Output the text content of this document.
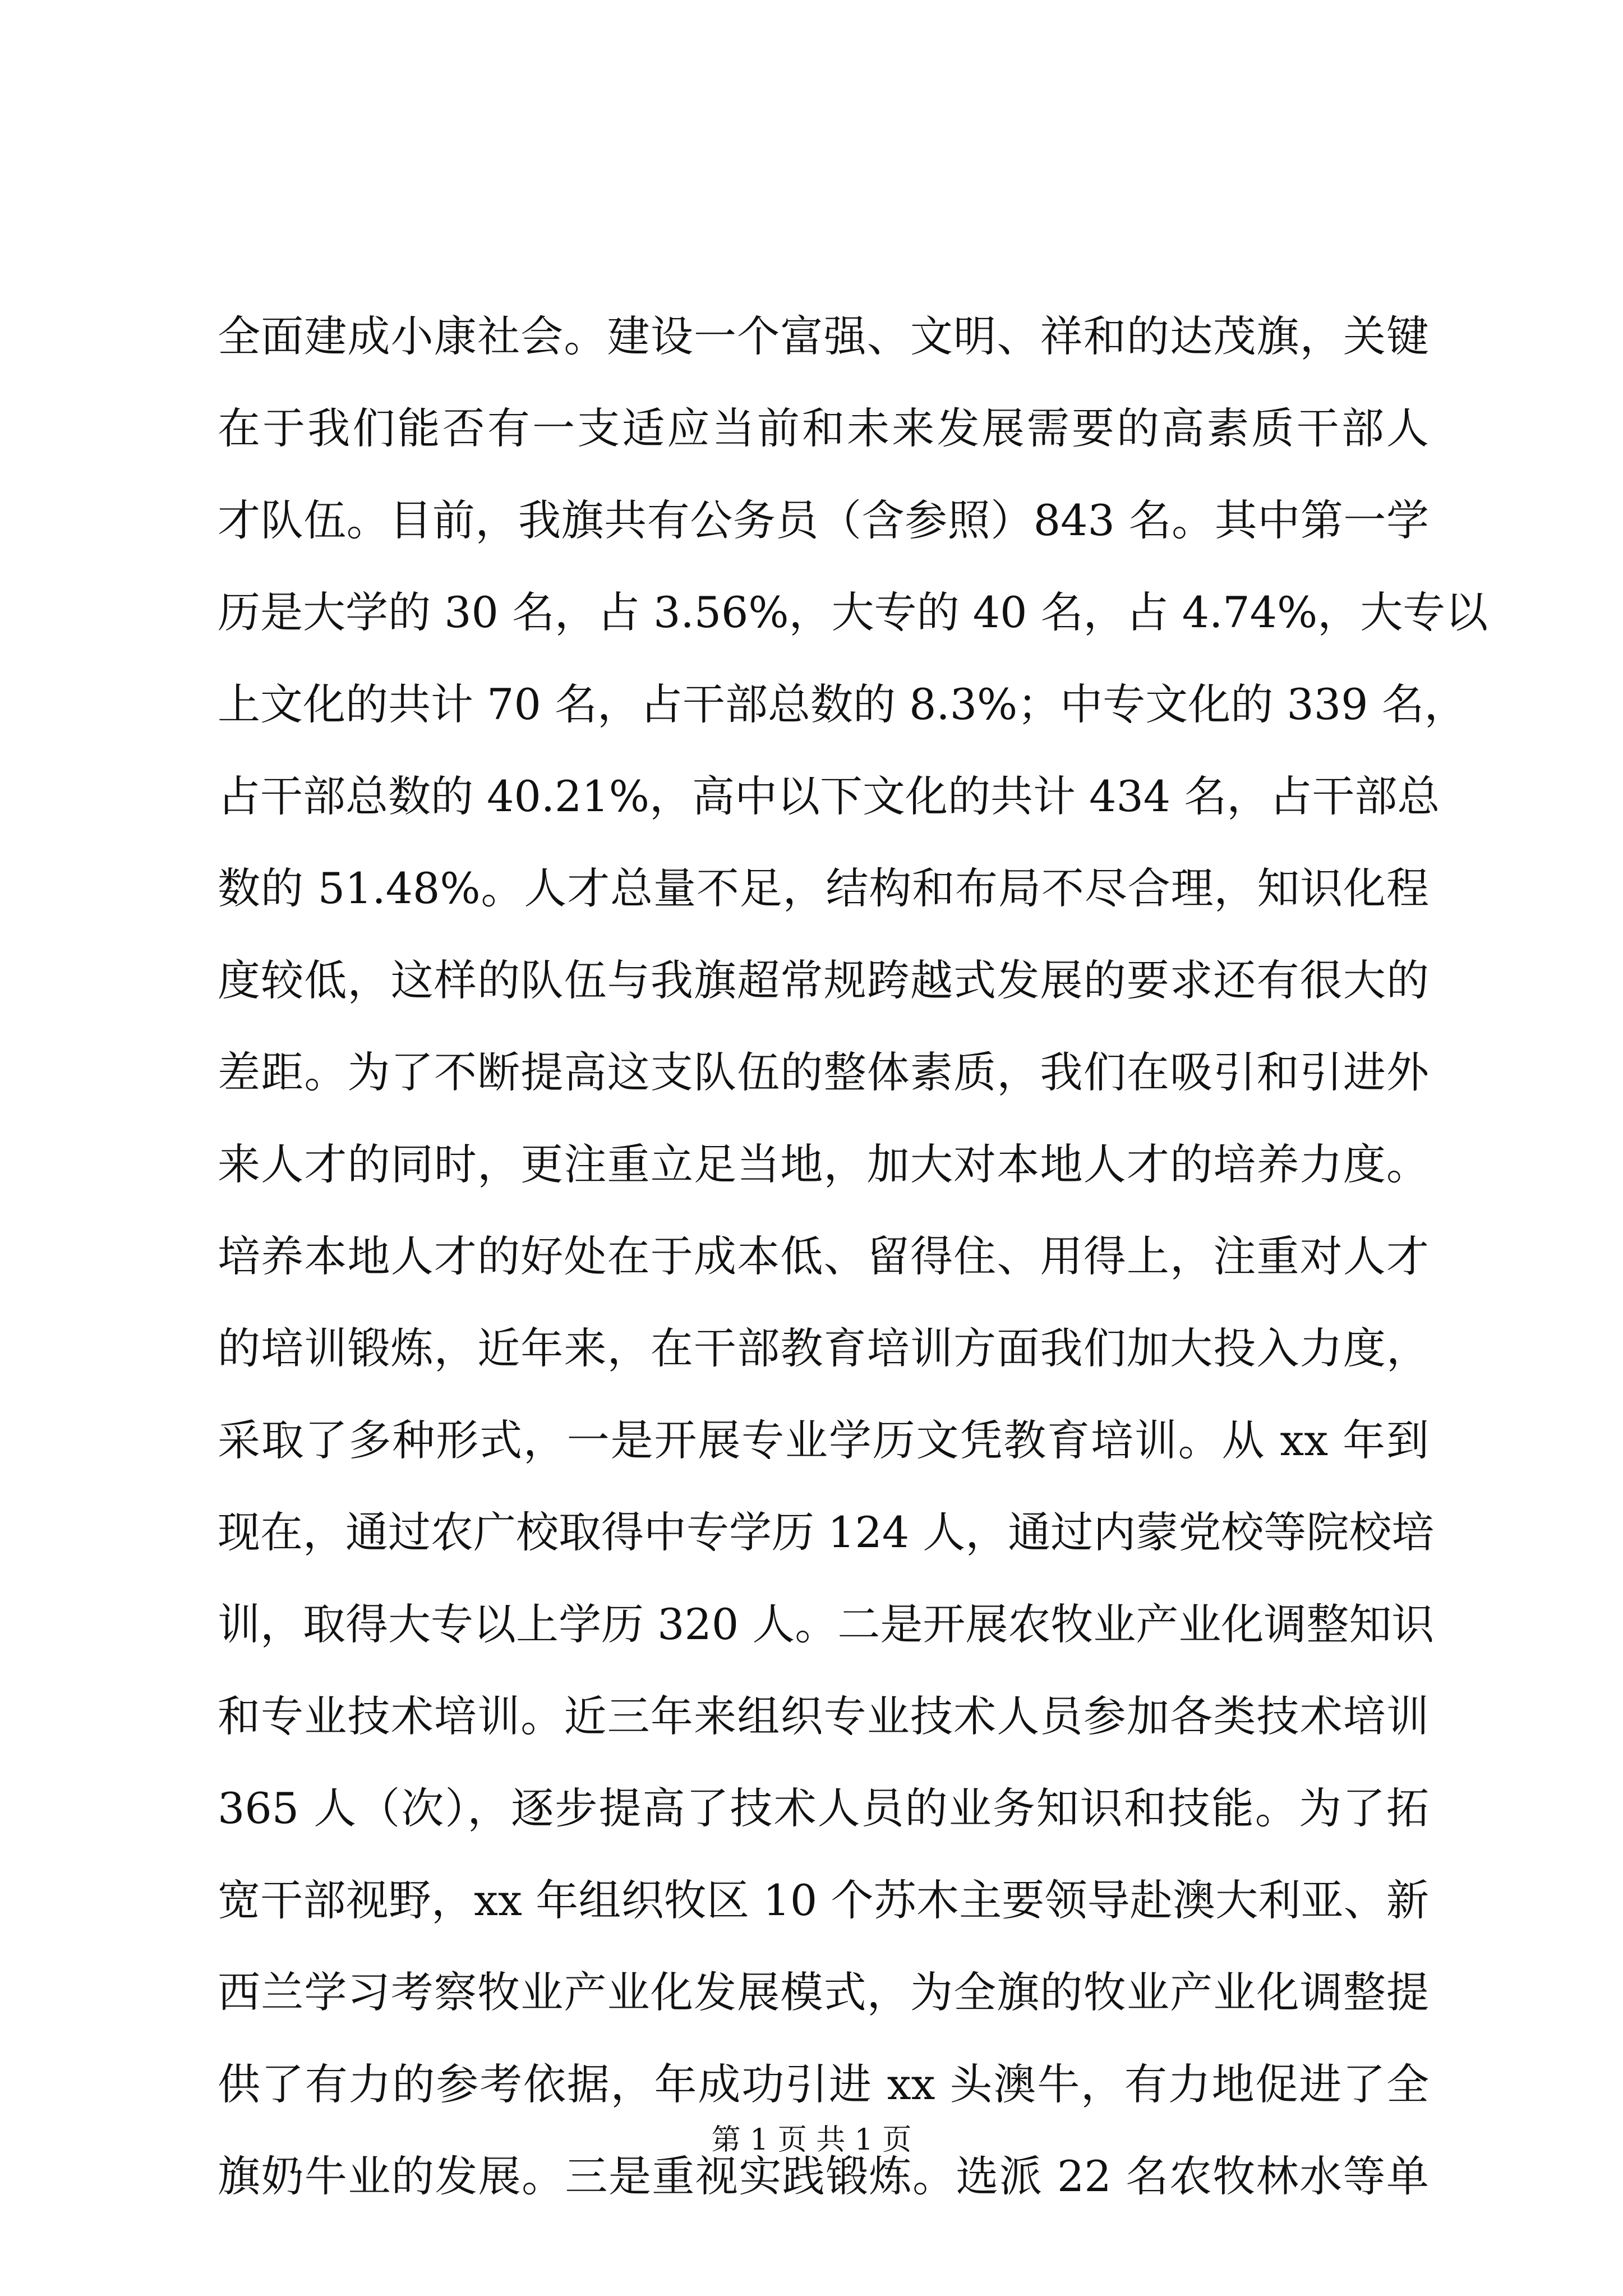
全面建成小康社会。建设一个富强、文明、祥和的达茂旗，关键
在于我们能否有一支适应当前和未来发展需要的高素质干部人
才队伍。目前，我旗共有公务员（含参照）843 名。其中第一学
历是大学的 30 名，占 3.56%，大专的 40 名，占 4.74%，大专以
上文化的共计 70 名，占干部总数的 8.3%；中专文化的 339 名，
占干部总数的 40.21%，高中以下文化的共计 434 名，占干部总
数的 51.48%。人才总量不足，结构和布局不尽合理，知识化程
度较低，这样的队伍与我旗超常规跨越式发展的要求还有很大的
差距。为了不断提高这支队伍的整体素质，我们在吸引和引进外
来人才的同时，更注重立足当地，加大对本地人才的培养力度。
培养本地人才的好处在于成本低、留得住、用得上，注重对人才
的培训锻炼，近年来，在干部教育培训方面我们加大投入力度，
采取了多种形式，一是开展专业学历文凭教育培训。从 xx 年到
现在，通过农广校取得中专学历 124 人，通过内蒙党校等院校培
训，取得大专以上学历 320 人。二是开展农牧业产业化调整知识
和专业技术培训。近三年来组织专业技术人员参加各类技术培训
365 人（次），逐步提高了技术人员的业务知识和技能。为了拓
宽干部视野，xx 年组织牧区 10 个苏木主要领导赴澳大利亚、新
西兰学习考察牧业产业化发展模式，为全旗的牧业产业化调整提
供了有力的参考依据，年成功引进 xx 头澳牛，有力地促进了全
旗奶牛业的发展。三是重视实践锻炼。选派 22 名农牧林水等单
第 1 页 共 1 页
